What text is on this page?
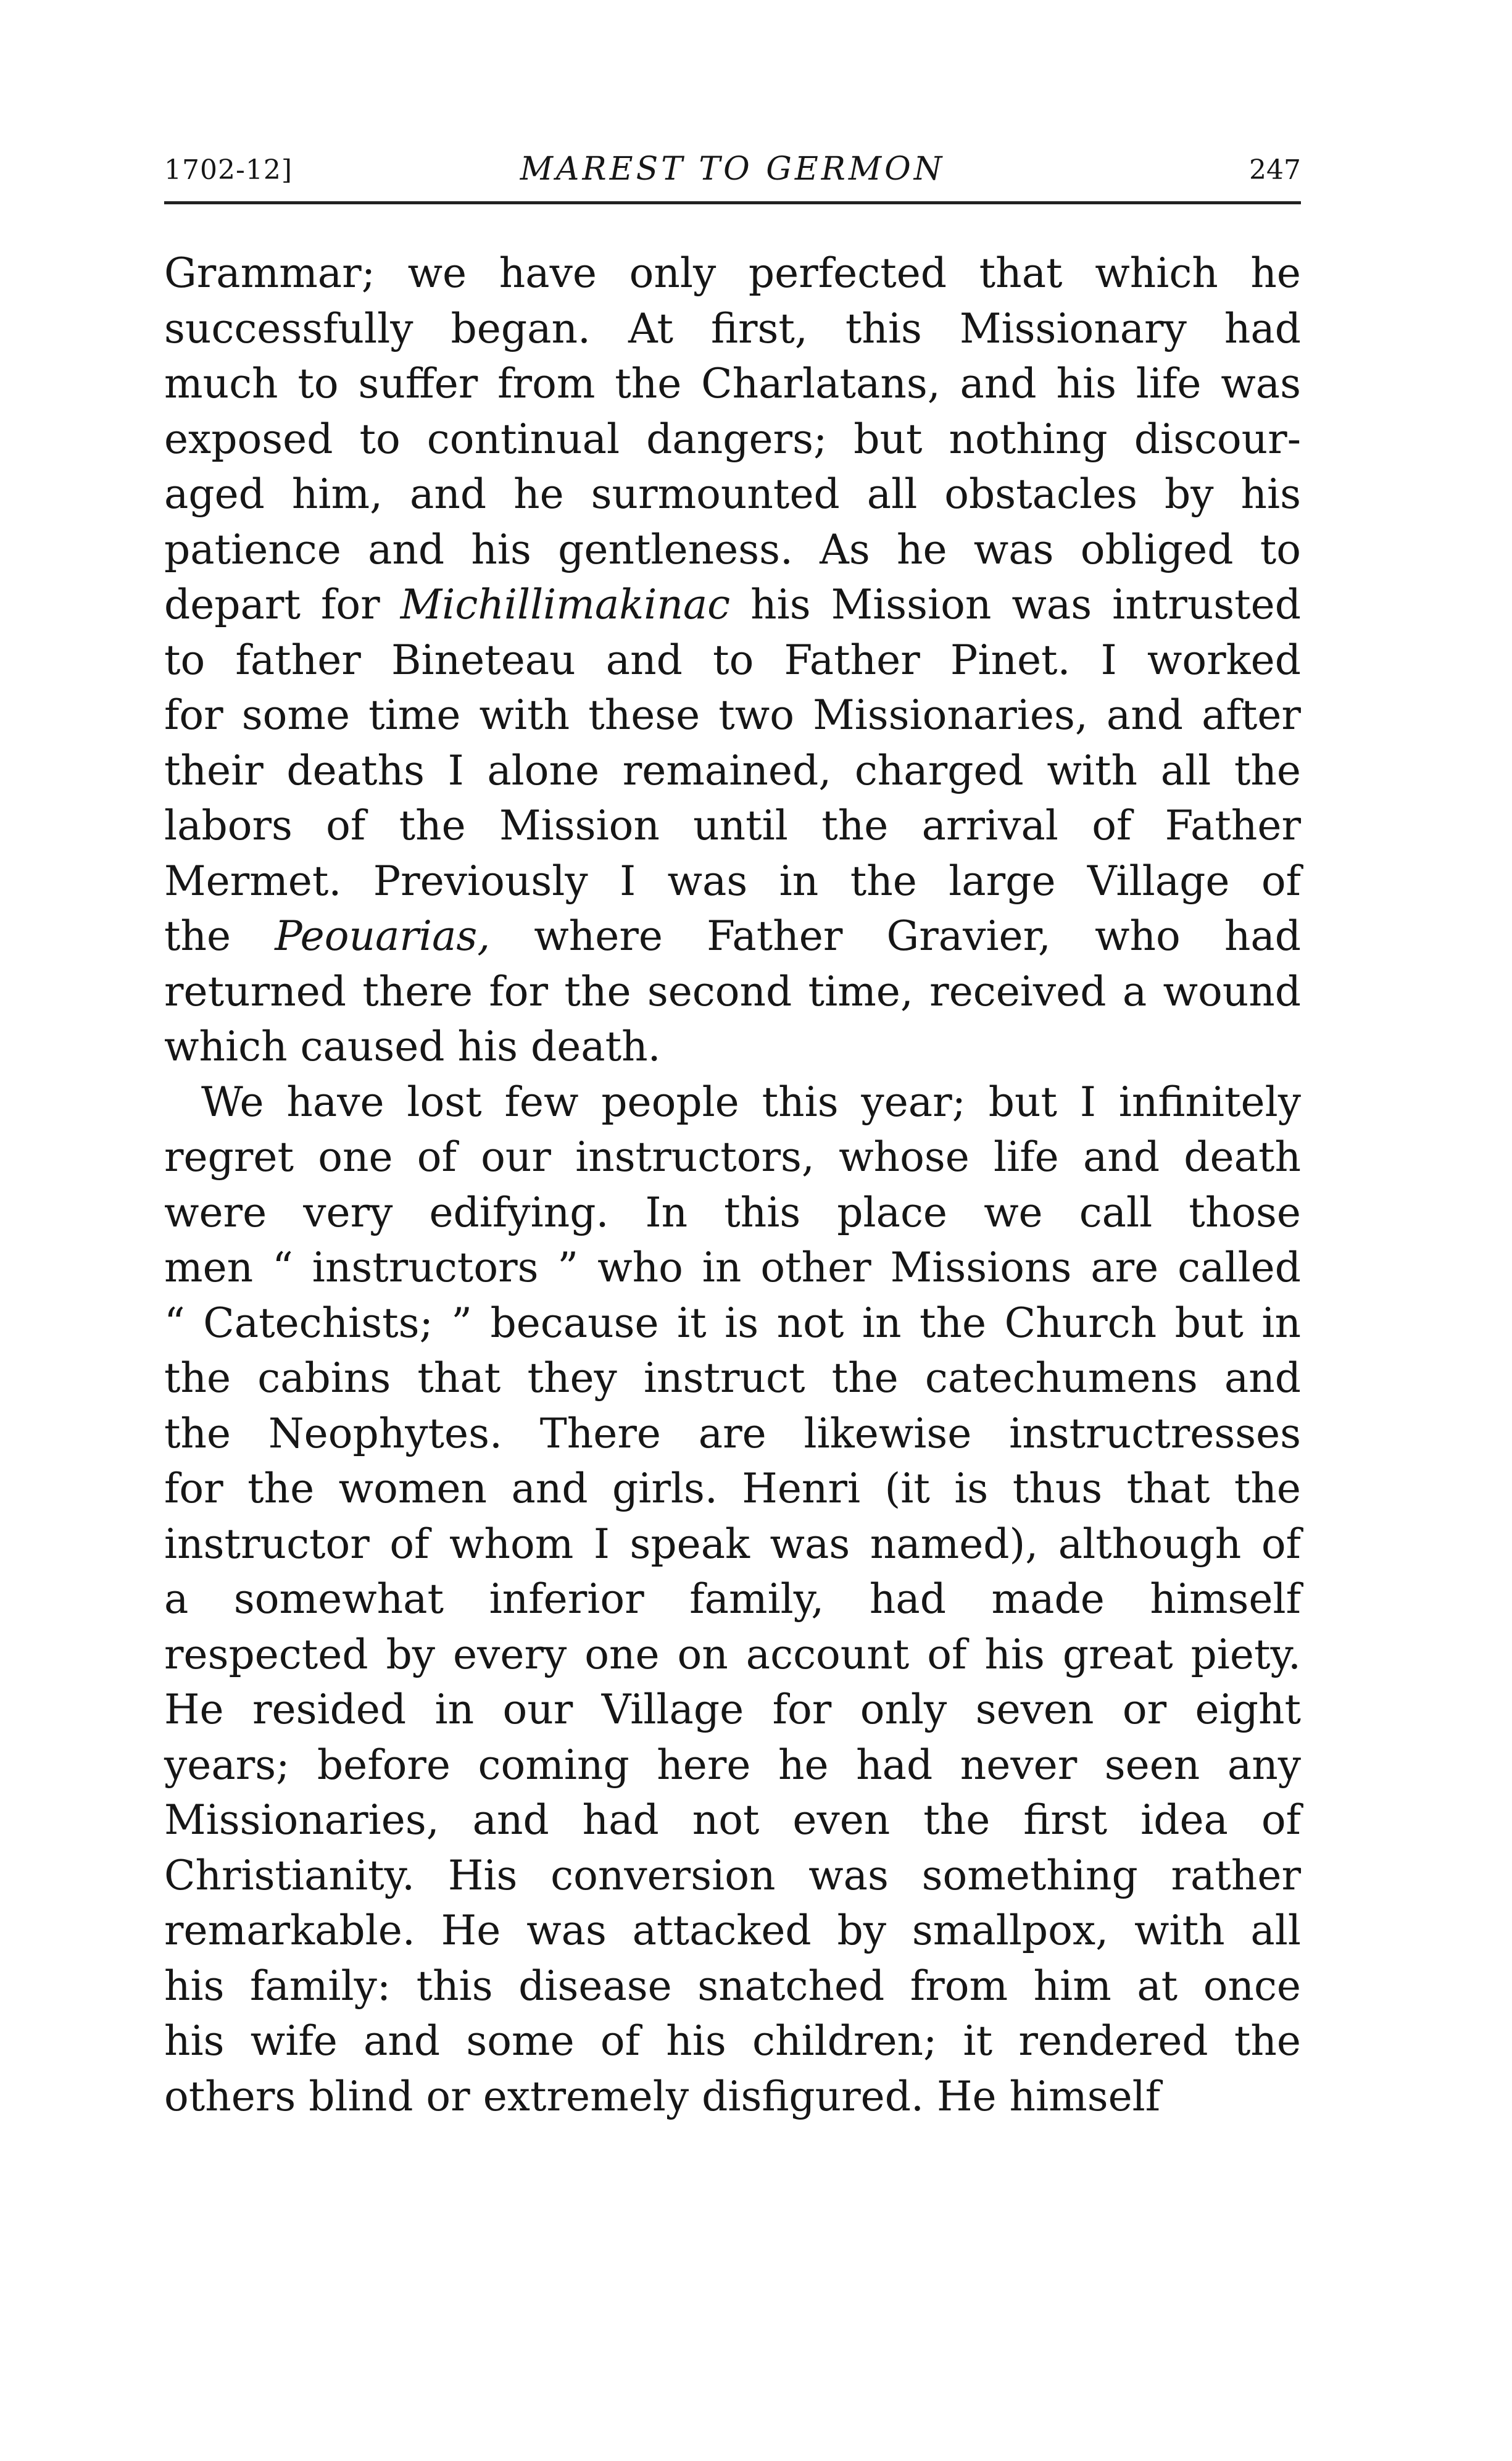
1702-12]	MAREST TO GERMON	247
Grammar; we have only perfected that which he
successfully began. At first, this Missionary had
much to suffer from the Charlatans, and his life was
exposed to continual dangers; but nothing discour-
aged him, and he surmounted all obstacles by his
patience and his gentleness. As he was obliged to
depart for Michillimakinac his Mission was intrusted
to father Bineteau and to Father Pinet. I worked
for some time with these two Missionaries, and after
their deaths I alone remained, charged with all the
labors of the Mission until the arrival of Father
Mermet. Previously I was in the large Village of
the Peouarias, where Father Gravier, who had
returned there for the second time, received a wound
which caused his death.
We have lost few people this year; but I infinitely
regret one of our instructors, whose life and death
were very edifying. In this place we call those
men “ instructors ” who in other Missions are called
“ Catechists; ” because it is not in the Church but in
the cabins that they instruct the catechumens and
the Neophytes. There are likewise instructresses
for the women and girls. Henri (it is thus that the
instructor of whom I speak was named), although of
a somewhat inferior family, had made himself
respected by every one on account of his great piety.
He resided in our Village for only seven or eight
years; before coming here he had never seen any
Missionaries, and had not even the first idea of
Christianity. His conversion was something rather
remarkable. He was attacked by smallpox, with all
his family: this disease snatched from him at once
his wife and some of his children; it rendered the
others blind or extremely disfigured. He himself
